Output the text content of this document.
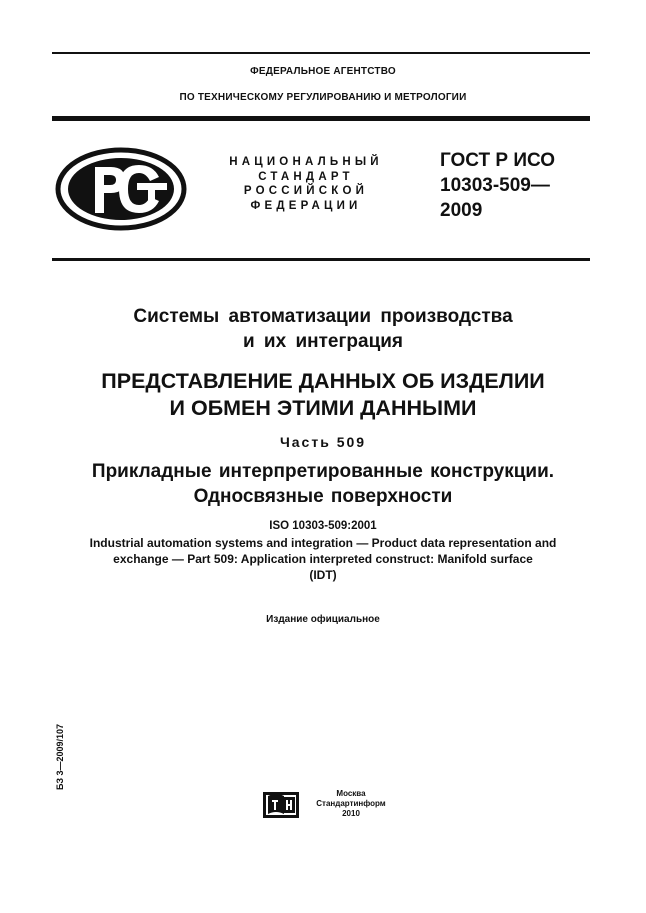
ФЕДЕРАЛЬНОЕ АГЕНТСТВО
ПО ТЕХНИЧЕСКОМУ РЕГУЛИРОВАНИЮ И МЕТРОЛОГИИ
НАЦИОНАЛЬНЫЙ
СТАНДАРТ
РОССИЙСКОЙ
ФЕДЕРАЦИИ
ГОСТ Р ИСО
10303-509—
2009
Системы автоматизации производства
и их интеграция
ПРЕДСТАВЛЕНИЕ ДАННЫХ ОБ ИЗДЕЛИИ
И ОБМЕН ЭТИМИ ДАННЫМИ
Часть 509
Прикладные интерпретированные конструкции.
Односвязные поверхности
ISO 10303-509:2001
Industrial automation systems and integration — Product data representation and
exchange — Part 509: Application interpreted construct: Manifold surface
(IDT)
Издание официальное
БЗ 3—2009/107
Москва
Стандартинформ
2010
